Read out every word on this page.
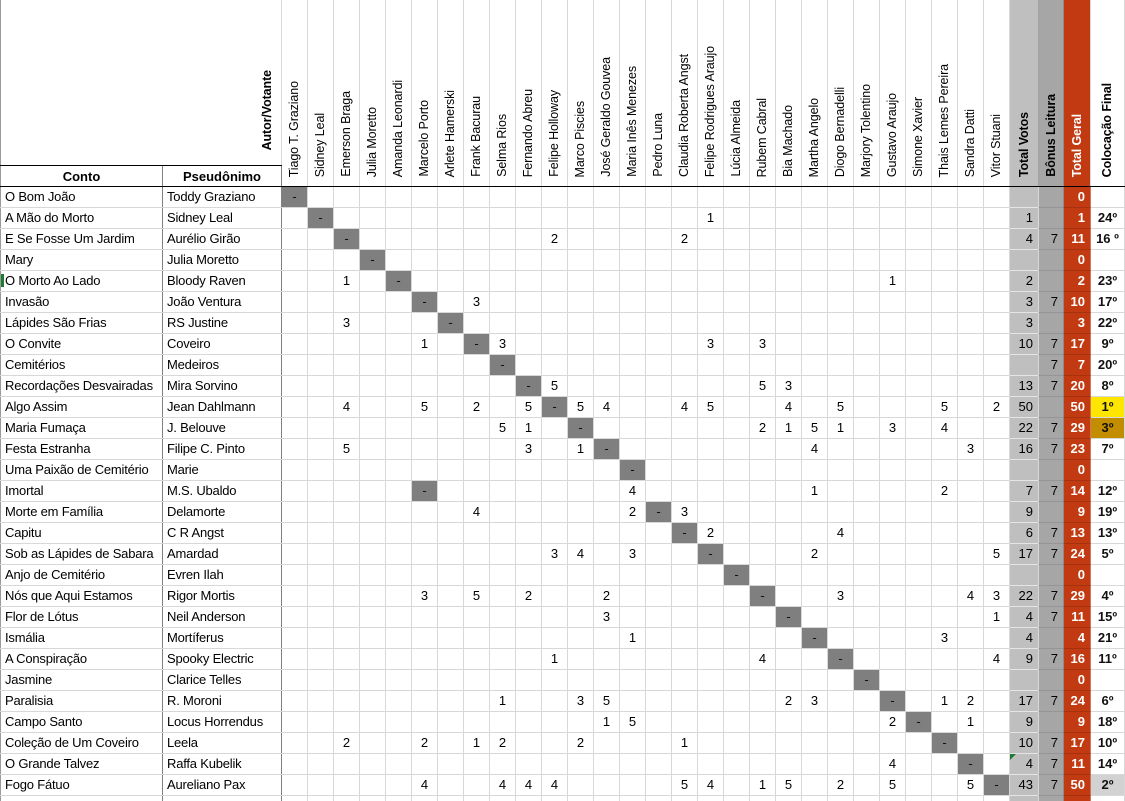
Autor/Votante		Tiago T. Graziano	Sidney Leal	Emerson Braga	Julia Moretto	Amanda Leonardi	Marcelo Porto	Arlete Hamerski	Frank Bacurau	Selma Rios	Fernando Abreu	Felipe Holloway	Marco Piscies	José Geraldo Gouvea	Maria Inês Menezes	Pedro Luna	Claudia Roberta Angst	Felipe Rodrigues Araujo	Lúcia Almeida	Rubem Cabral	Bia Machado	Martha Angelo	Diogo Bernadelli	Marjory Tolentino	Gustavo Araujo	Simone Xavier	Thais Lemes Pereira	Sandra Datti	Vitor Stuani	Total Votos	Bônus Leitura	Total Geral	Colocação Final
Conto	Pseudônimo																																
O Bom João	Toddy Graziano	-																														0	
A Mão do Morto	Sidney Leal		-															1												1		1	24º
E Se Fosse Um Jardim	Aurélio Girão			-								2					2													4	7	11	16 º
Mary	Julia Moretto				-																											0	
O Morto Ao Lado	Bloody Raven			1		-																			1					2		2	23º
Invasão	João Ventura						-		3																					3	7	10	17º
Lápides São Frias	RS Justine			3				-																						3		3	22º
O Convite	Coveiro						1		-	3								3		3										10	7	17	9º
Cemitérios	Medeiros									-																					7	7	20º
Recordações Desvairadas	Mira Sorvino										-	5								5	3									13	7	20	8º
Algo Assim	Jean Dahlmann			4			5		2		5	-	5	4			4	5			4		5				5		2	50		50	1º
Maria Fumaça	J. Belouve									5	1		-							2	1	5	1		3		4			22	7	29	3º
Festa Estranha	Filipe C. Pinto			5							3		1	-								4						3		16	7	23	7º
Uma Paixão de Cemitério	Marie														-																	0	
Imortal	M.S. Ubaldo						-								4							1					2			7	7	14	12º
Morte em Família	Delamorte								4						2	-	3													9		9	19º
Capitu	C R Angst																-	2					4							6	7	13	13º
Sob as Lápides de Sabara	Amardad											3	4		3			-				2							5	17	7	24	5º
Anjo de Cemitério	Evren Ilah																		-													0	
Nós que Aqui Estamos	Rigor Mortis						3		5		2			2						-			3					4	3	22	7	29	4º
Flor de Lótus	Neil Anderson													3							-								1	4	7	11	15º
Ismália	Mortíferus														1							-					3			4		4	21º
A Conspiração	Spooky Electric											1								4			-						4	9	7	16	11º
Jasmine	Clarice Telles																							-								0	
Paralisia	R. Moroni									1			3	5							2	3			-		1	2		17	7	24	6º
Campo Santo	Locus Horrendus													1	5										2	-		1		9		9	18º
Coleção de Um Coveiro	Leela			2			2		1	2			2				1										-			10	7	17	10º
O Grande Talvez	Raffa Kubelik																								4			-		4	7	11	14º
Fogo Fátuo	Aureliano Pax						4			4	4	4					5	4		1	5		2		5			5	-	43	7	50	2º
